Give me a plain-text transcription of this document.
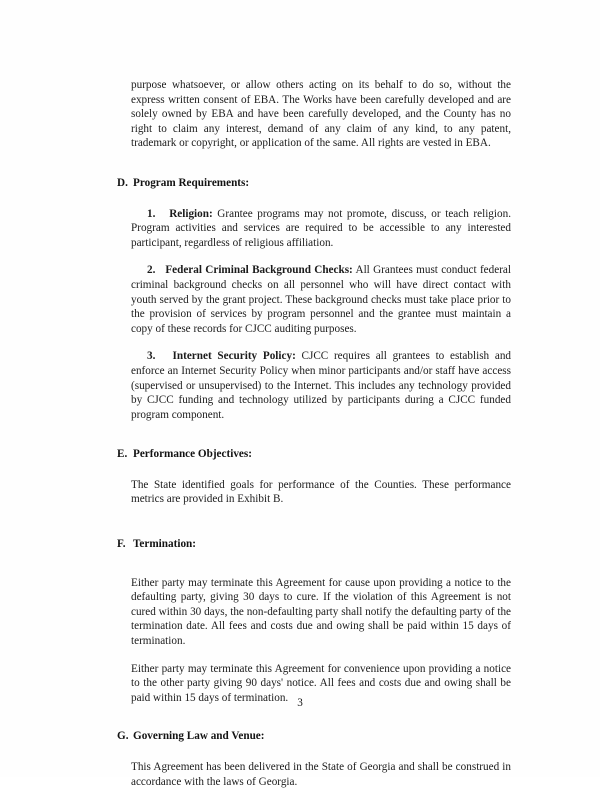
purpose whatsoever, or allow others acting on its behalf to do so, without the express written consent of EBA. The Works have been carefully developed and are solely owned by EBA and have been carefully developed, and the County has no right to claim any interest, demand of any claim of any kind, to any patent, trademark or copyright, or application of the same. All rights are vested in EBA.

D. Program Requirements:

1. Religion: Grantee programs may not promote, discuss, or teach religion. Program activities and services are required to be accessible to any interested participant, regardless of religious affiliation.

2. Federal Criminal Background Checks: All Grantees must conduct federal criminal background checks on all personnel who will have direct contact with youth served by the grant project. These background checks must take place prior to the provision of services by program personnel and the grantee must maintain a copy of these records for CJCC auditing purposes.

3. Internet Security Policy: CJCC requires all grantees to establish and enforce an Internet Security Policy when minor participants and/or staff have access (supervised or unsupervised) to the Internet. This includes any technology provided by CJCC funding and technology utilized by participants during a CJCC funded program component.

E. Performance Objectives:

The State identified goals for performance of the Counties. These performance metrics are provided in Exhibit B.

F. Termination:

Either party may terminate this Agreement for cause upon providing a notice to the defaulting party, giving 30 days to cure. If the violation of this Agreement is not cured within 30 days, the non-defaulting party shall notify the defaulting party of the termination date. All fees and costs due and owing shall be paid within 15 days of termination.

Either party may terminate this Agreement for convenience upon providing a notice to the other party giving 90 days' notice. All fees and costs due and owing shall be paid within 15 days of termination.

G. Governing Law and Venue:

This Agreement has been delivered in the State of Georgia and shall be construed in accordance with the laws of Georgia.

3
